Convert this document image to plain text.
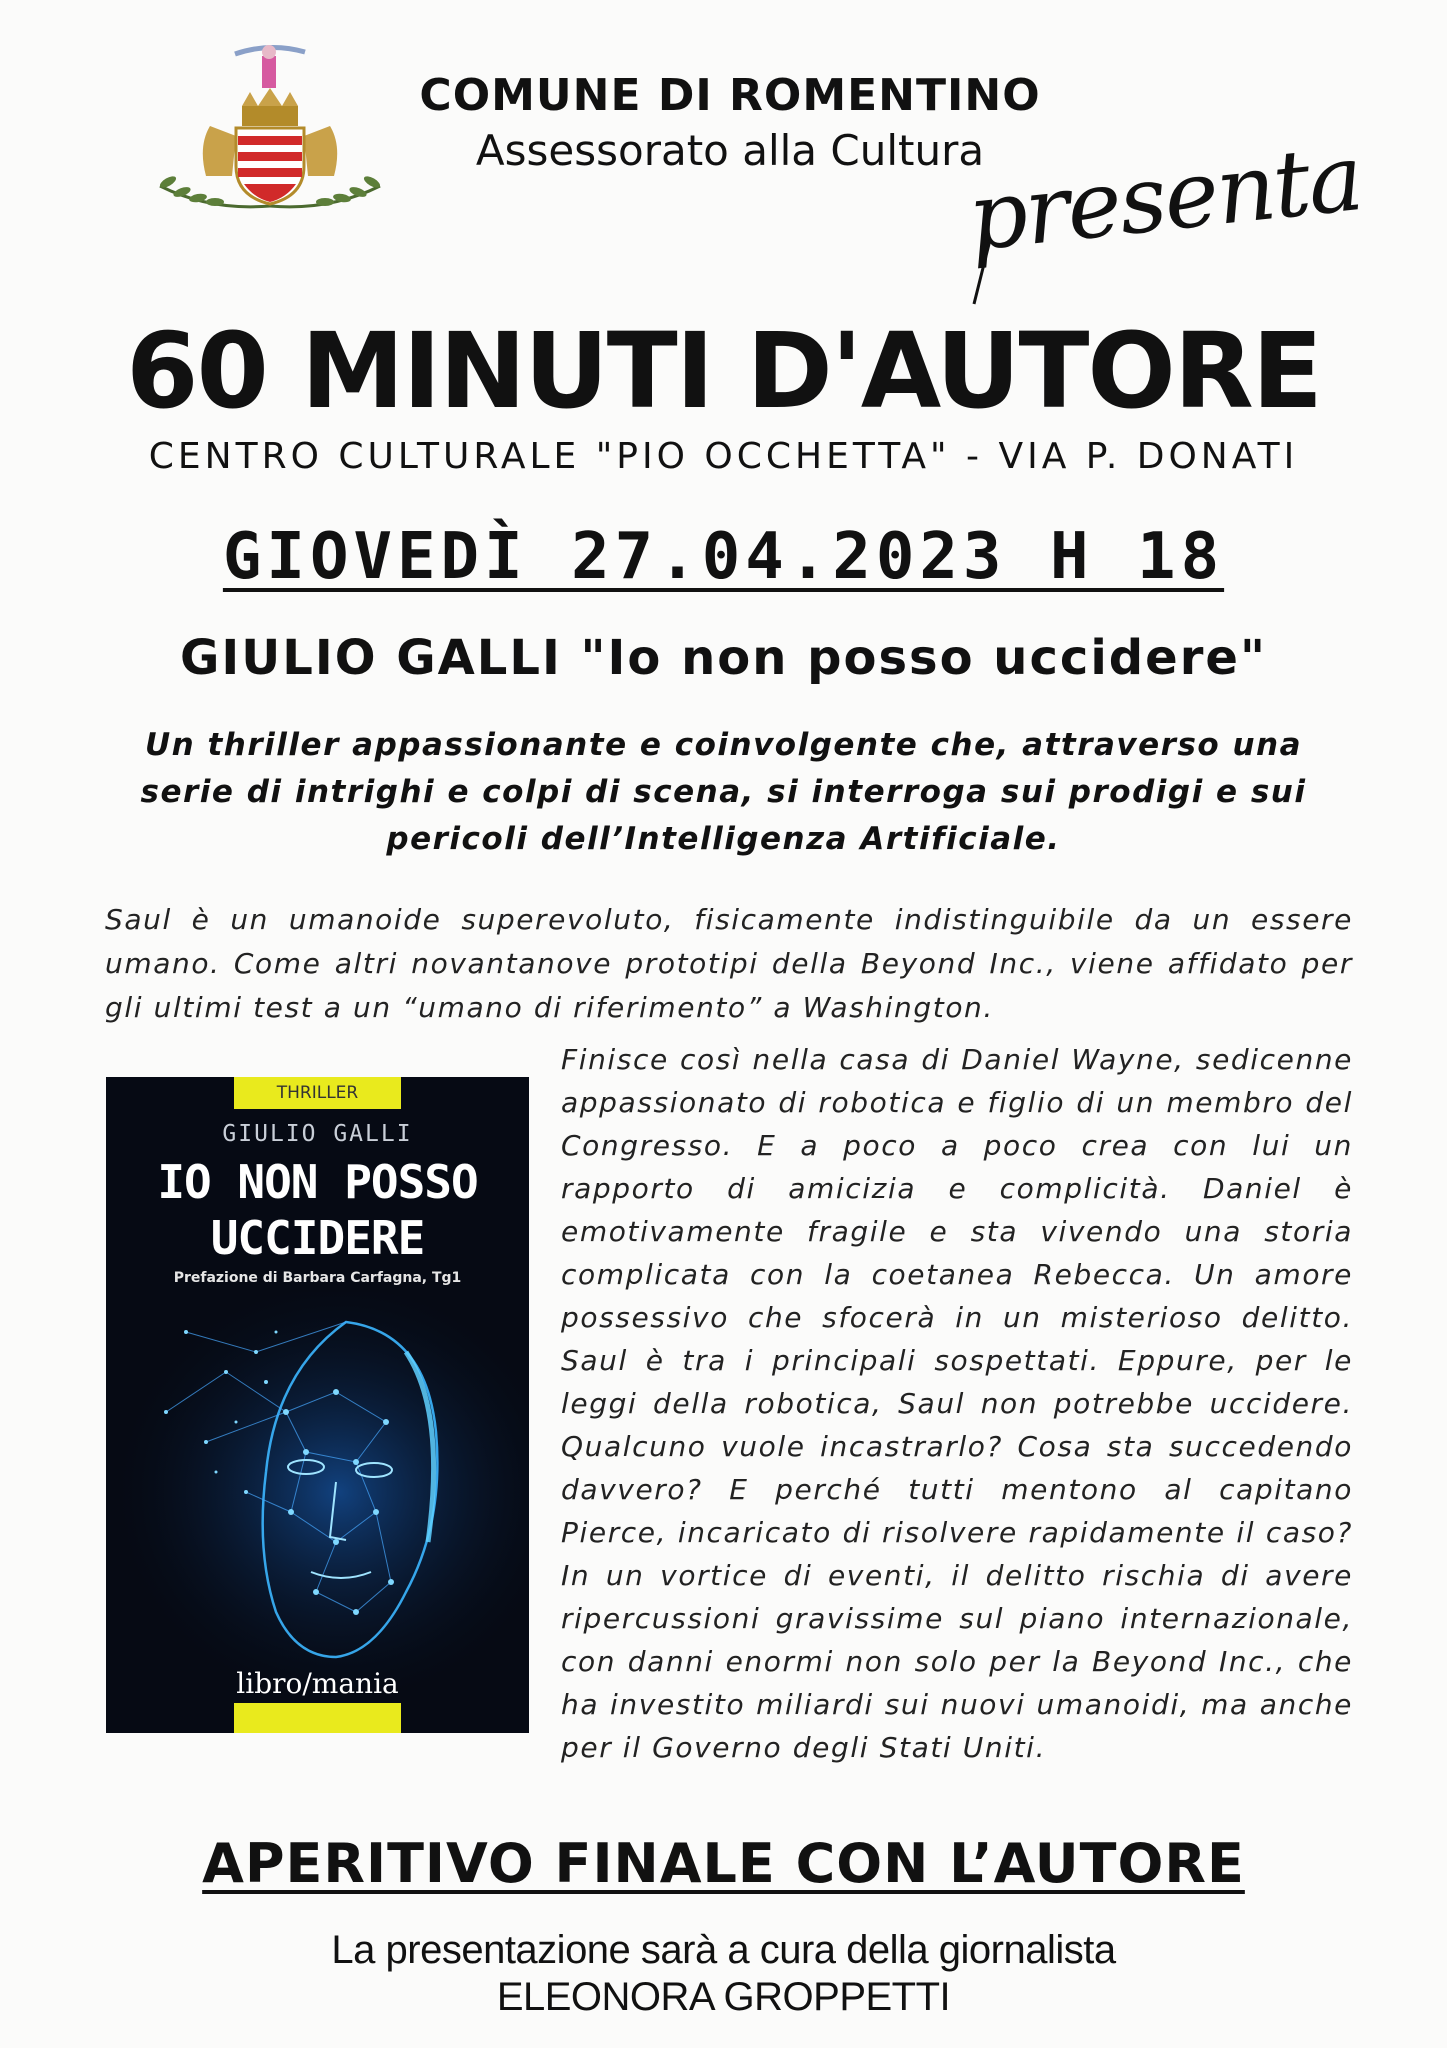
COMUNE DI ROMENTINO
Assessorato alla Cultura
presenta
60 MINUTI D'AUTORE
CENTRO CULTURALE "PIO OCCHETTA" - VIA P. DONATI
GIOVEDÌ 27.04.2023 H 18
GIULIO GALLI "Io non posso uccidere"
Un thriller appassionante e coinvolgente che, attraverso una serie di intrighi e colpi di scena, si interroga sui prodigi e sui pericoli dell’Intelligenza Artificiale.
Saul è un umanoide superevoluto, fisicamente indistinguibile da un essere umano. Come altri novantanove prototipi della Beyond Inc., viene affidato per gli ultimi test a un “umano di riferimento” a Washington.
THRILLER
GIULIO GALLI
IO NON POSSO
UCCIDERE
Prefazione di Barbara Carfagna, Tg1
libro/mania
Finisce così nella casa di Daniel Wayne, sedicenne appassionato di robotica e figlio di un membro del Congresso. E a poco a poco crea con lui un rapporto di amicizia e complicità. Daniel è emotivamente fragile e sta vivendo una storia complicata con la coetanea Rebecca. Un amore possessivo che sfocerà in un misterioso delitto. Saul è tra i principali sospettati. Eppure, per le leggi della robotica, Saul non potrebbe uccidere. Qualcuno vuole incastrarlo? Cosa sta succedendo davvero? E perché tutti mentono al capitano Pierce, incaricato di risolvere rapidamente il caso? In un vortice di eventi, il delitto rischia di avere ripercussioni gravissime sul piano internazionale, con danni enormi non solo per la Beyond Inc., che ha investito miliardi sui nuovi umanoidi, ma anche per il Governo degli Stati Uniti.
APERITIVO FINALE CON L’AUTORE
La presentazione sarà a cura della giornalista
ELEONORA GROPPETTI
